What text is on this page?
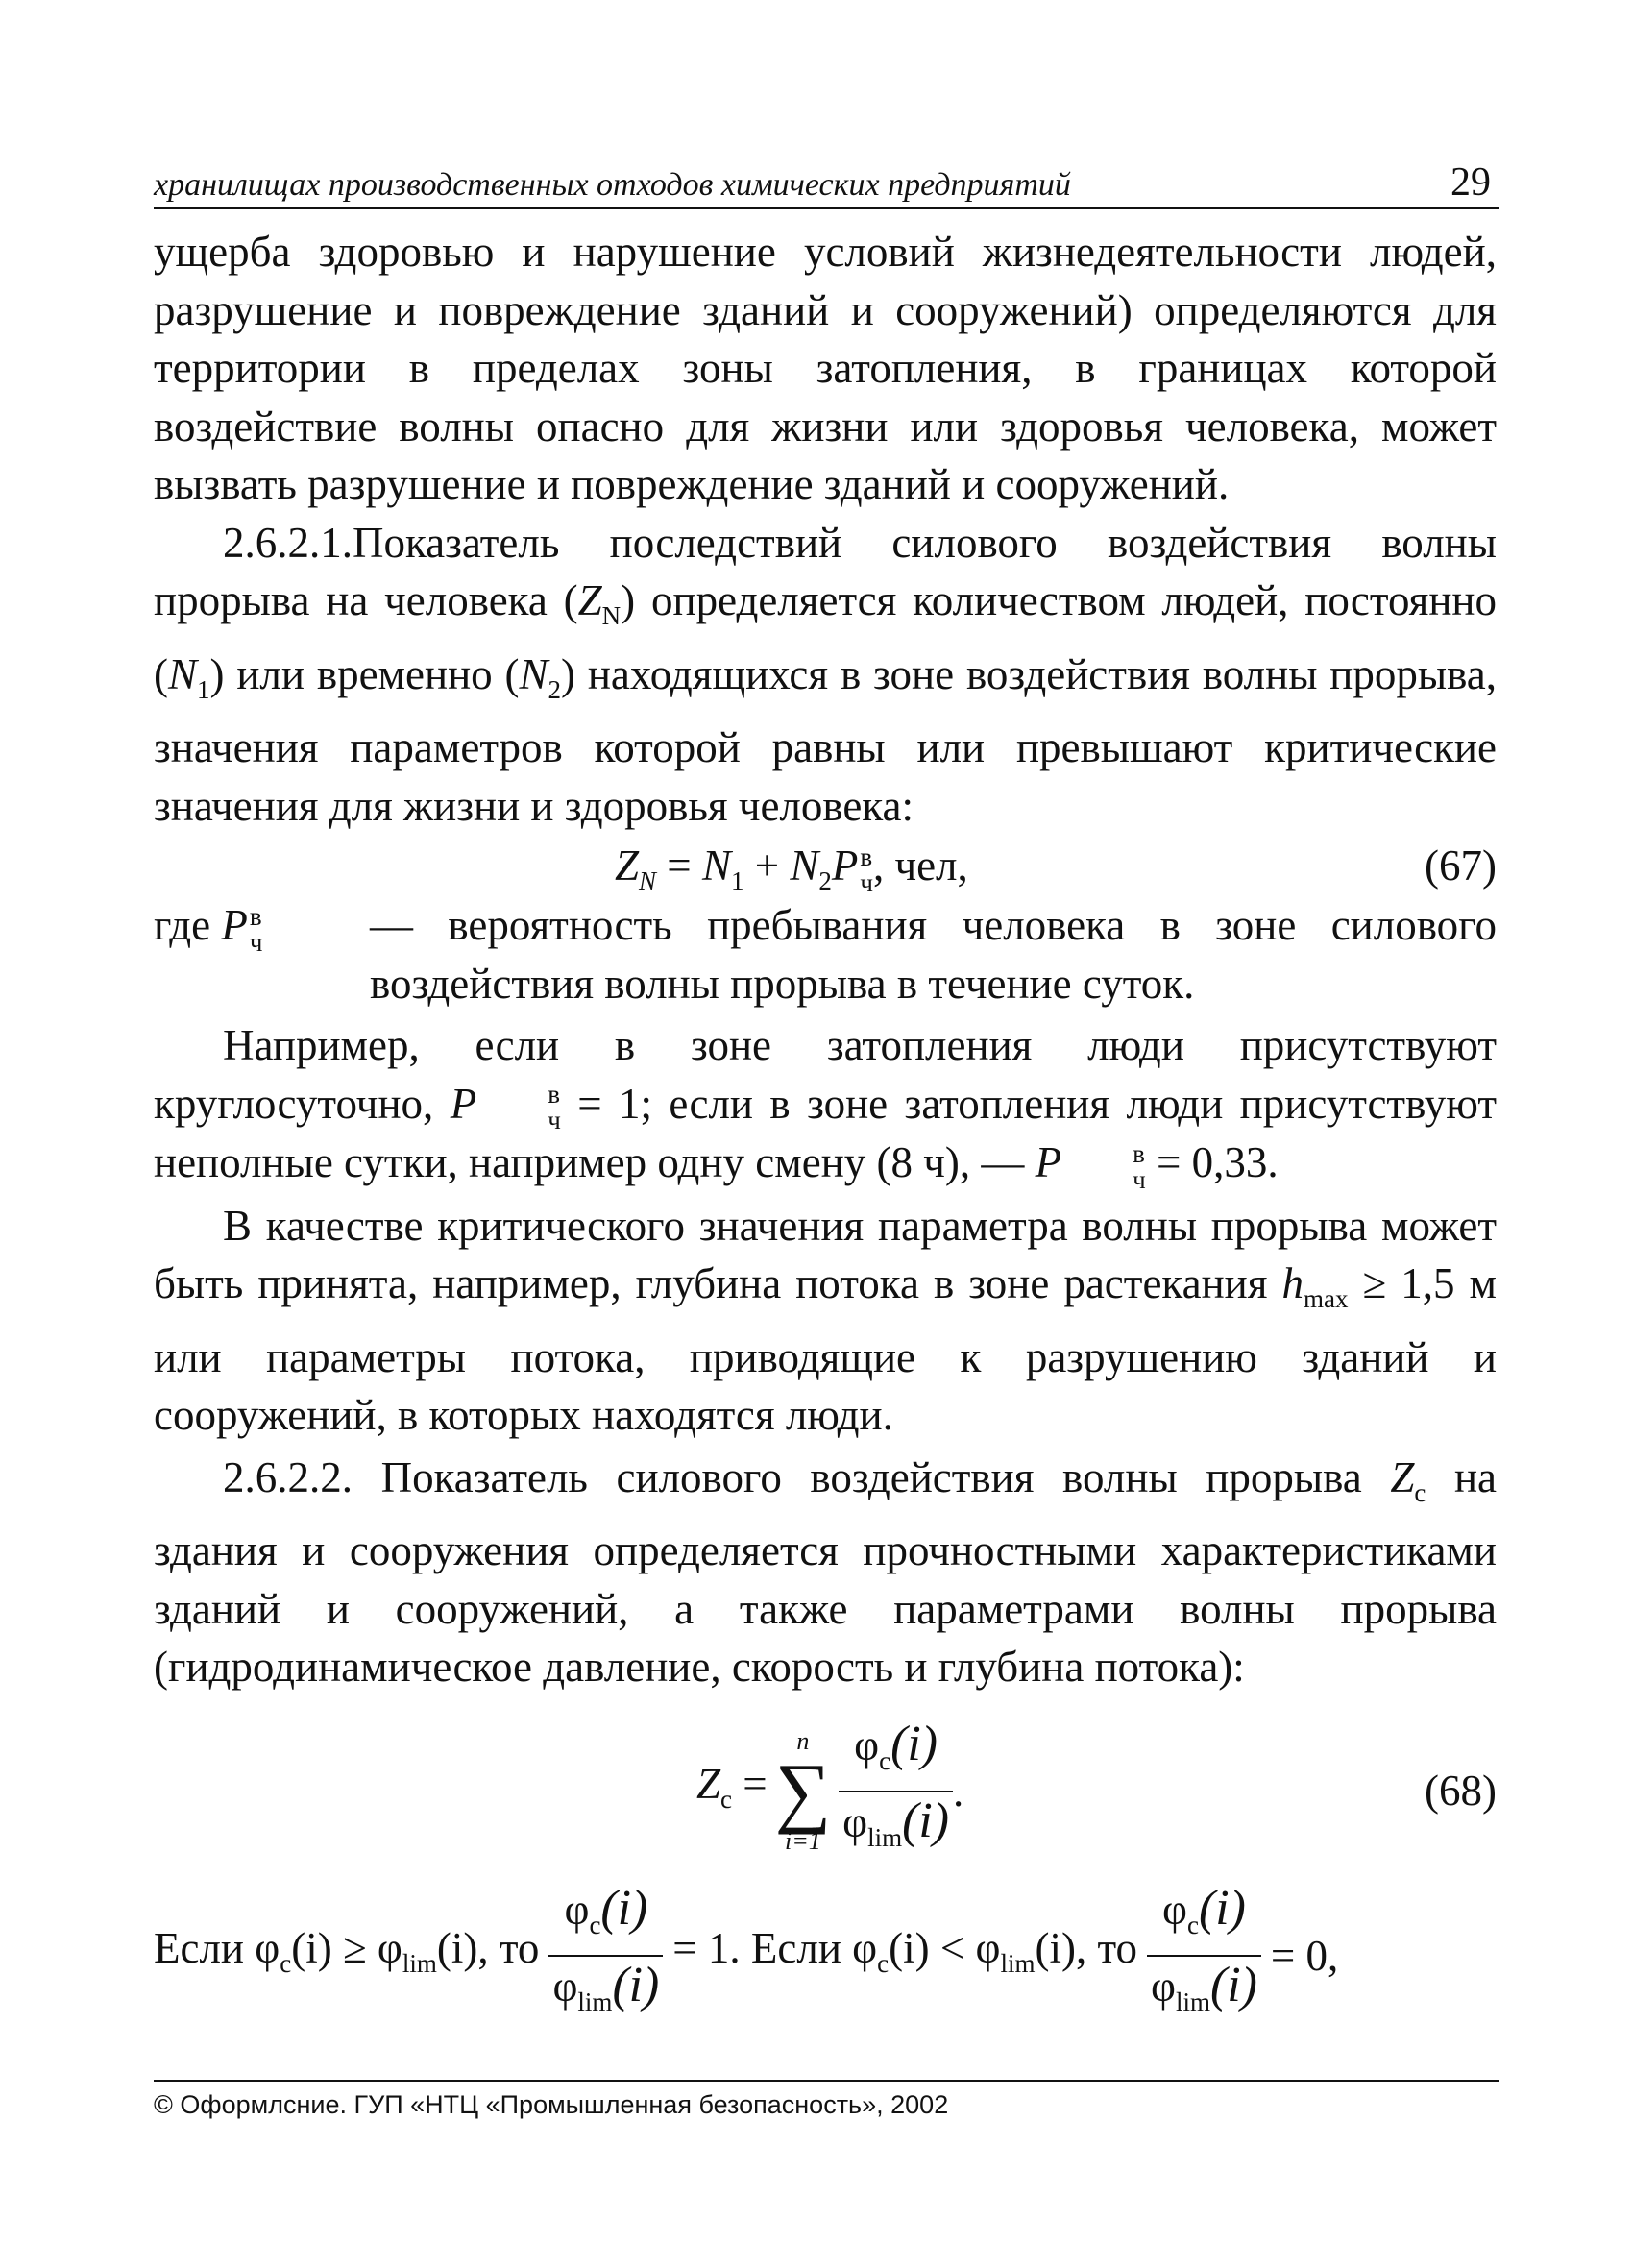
хранилищах производственных отходов химических предприятий	29

ущерба здоровью и нарушение условий жизнедеятельности людей, разрушение и повреждение зданий и сооружений) определяются для территории в пределах зоны затопления, в границах которой воздействие волны опасно для жизни или здоровья человека, может вызвать разрушение и повреждение зданий и сооружений.

2.6.2.1.Показатель последствий силового воздействия волны прорыва на человека $(Z_N)$ определяется количеством людей, постоянно $(N_1)$ или временно $(N_2)$ находящихся в зоне воздействия волны прорыва, значения параметров которой равны или превышают критические значения для жизни и здоровья человека:

$Z_N = N_1 + N_2P$ в
ч , чел,	(67)
где P в
ч — вероятность пребывания человека в зоне силового воздействия волны прорыва в течение суток.

Например, если в зоне затопления люди присутствуют круглосуточно, P	в
ч = 1; если в зоне затопления люди присутствуют неполные сутки, например одну смену (8 ч), — P	в
ч = 0,33.

В качестве критического значения параметра волны прорыва может быть принята, например, глубина потока в зоне растекания $h_{max} \ge 1,5$ м или параметры потока, приводящие к разрушению зданий и сооружений, в которых находятся люди.

2.6.2.2. Показатель силового воздействия волны прорыва $Z_с$ на здания и сооружения определяется прочностными характеристиками зданий и сооружений, а также параметрами волны прорыва (гидродинамическое давление, скорость и глубина потока):

$Z_с$ =
n
∑
$i=1 \frac{\varphi_с(i)}{\varphi_{lim}(i)}$ .	(68)
Если $\varphi_с(i) \ge \varphi_{lim}(i)$, то $\frac{\varphi_с(i)}{\varphi_{lim}(i)} = 1$. Если $\varphi_с(i) < \varphi_{lim}(i)$, то $\frac{\varphi_с(i)}{\varphi_{lim}(i)} = 0$,
© Оформлсние. ГУП «НТЦ «Промышленная безопасность», 2002
